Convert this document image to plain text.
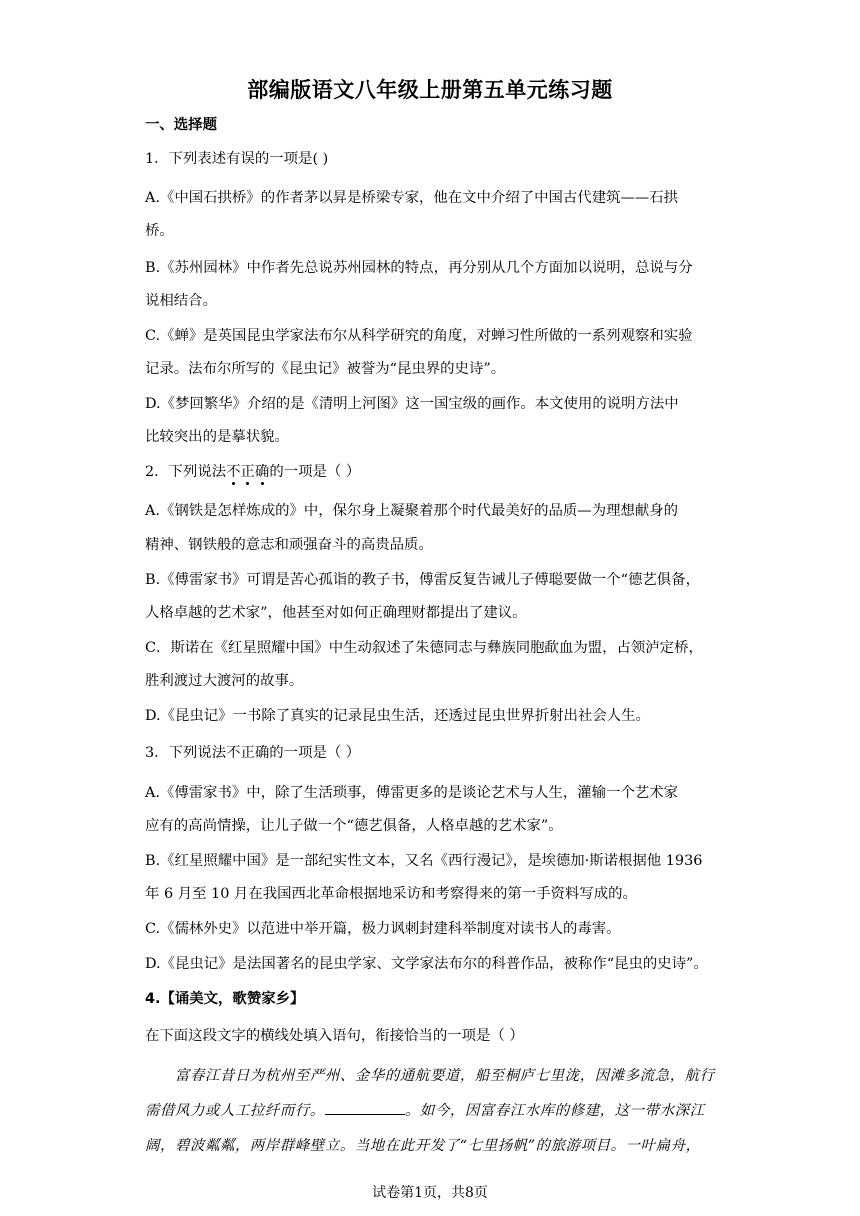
部编版语文八年级上册第五单元练习题
一、选择题
1．下列表述有误的一项是( )
A.《中国石拱桥》的作者茅以昇是桥梁专家，他在文中介绍了中国古代建筑——石拱
桥。
B.《苏州园林》中作者先总说苏州园林的特点，再分别从几个方面加以说明，总说与分
说相结合。
C.《蝉》是英国昆虫学家法布尔从科学研究的角度，对蝉习性所做的一系列观察和实验
记录。法布尔所写的《昆虫记》被誉为“昆虫界的史诗”。
D.《梦回繁华》介绍的是《清明上河图》这一国宝级的画作。本文使用的说明方法中
比较突出的是摹状貌。
2．下列说法不正确的一项是（ ）
A.《钢铁是怎样炼成的》中，保尔身上凝聚着那个时代最美好的品质—为理想献身的
精神、钢铁般的意志和顽强奋斗的高贵品质。
B.《傅雷家书》可谓是苦心孤诣的教子书，傅雷反复告诫儿子傅聪要做一个“德艺俱备，
人格卓越的艺术家”，他甚至对如何正确理财都提出了建议。
C．斯诺在《红星照耀中国》中生动叙述了朱德同志与彝族同胞歃血为盟，占领泸定桥，
胜利渡过大渡河的故事。
D.《昆虫记》一书除了真实的记录昆虫生活，还透过昆虫世界折射出社会人生。
3．下列说法不正确的一项是（ ）
A.《傅雷家书》中，除了生活琐事，傅雷更多的是谈论艺术与人生，灌输一个艺术家
应有的高尚情操，让儿子做一个“德艺俱备，人格卓越的艺术家”。
B.《红星照耀中国》是一部纪实性文本，又名《西行漫记》，是埃德加·斯诺根据他 1936
年 6 月至 10 月在我国西北革命根据地采访和考察得来的第一手资料写成的。
C.《儒林外史》以范进中举开篇，极力讽刺封建科举制度对读书人的毒害。
D.《昆虫记》是法国著名的昆虫学家、文学家法布尔的科普作品，被称作“昆虫的史诗”。
4.【诵美文，歌赞家乡】
在下面这段文字的横线处填入语句，衔接恰当的一项是（ ）
富春江昔日为杭州至严州、金华的通航要道，船至桐庐七里泷，因滩多流急，航行
需借风力或人工拉纤而行。	。如今，因富春江水库的修建，这一带水深江
阔，碧波粼粼，两岸群峰壁立。当地在此开发了“七里扬帆”的旅游项目。一叶扁舟，
试卷第1页，共8页
